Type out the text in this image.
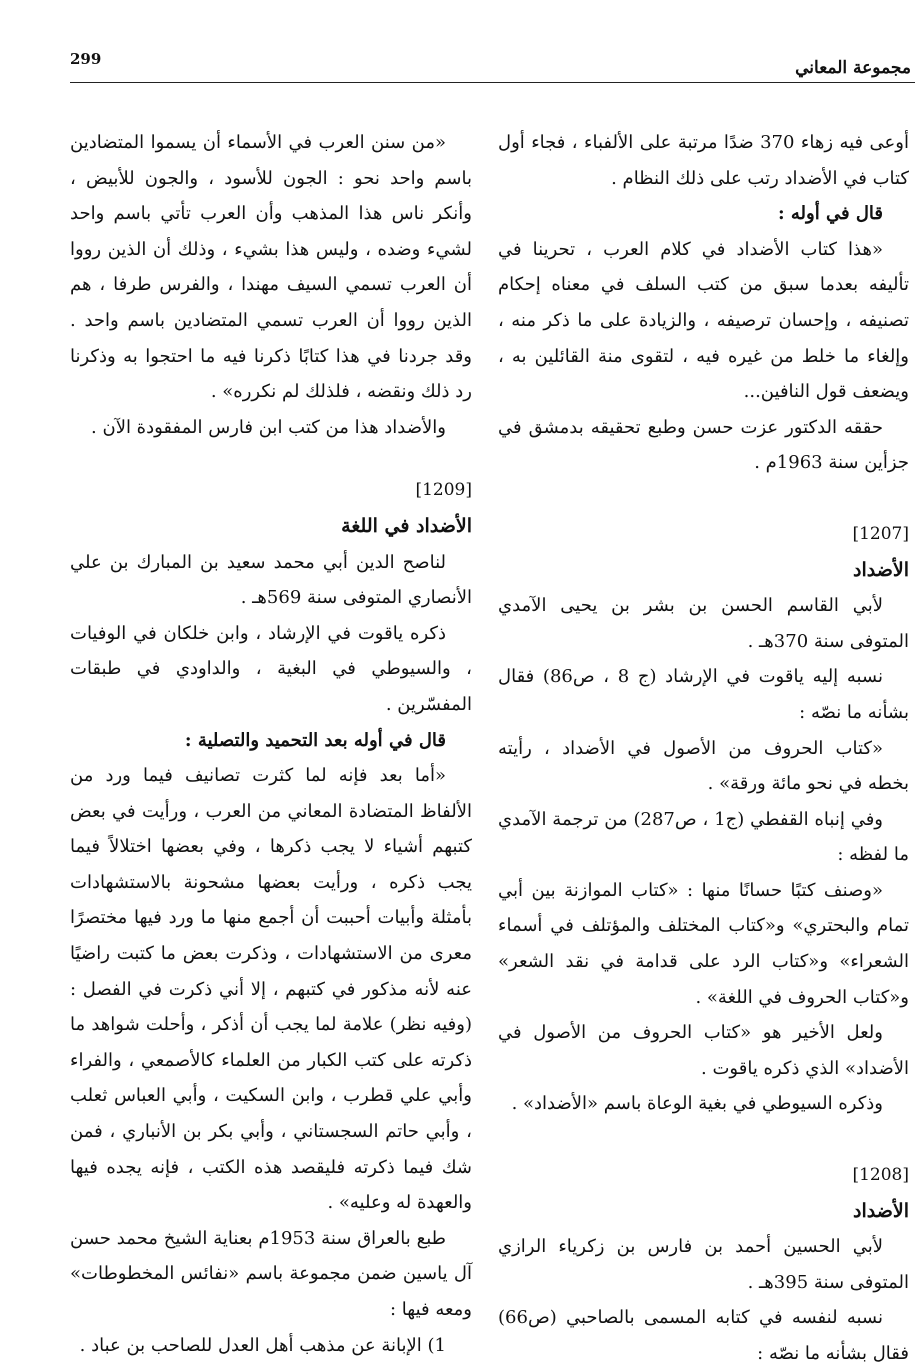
299	مجموعة المعاني

أوعى فيه زهاء 370 ضدًا مرتبة على الألفباء ، فجاء أول كتاب في الأضداد رتب على ذلك النظام .

قال في أوله :

«هذا كتاب الأضداد في كلام العرب ، تحرينا في تأليفه بعدما سبق من كتب السلف في معناه إحكام تصنيفه ، وإحسان ترصيفه ، والزيادة على ما ذكر منه ، وإلغاء ما خلط من غيره فيه ، لتقوى منة القائلين به ، ويضعف قول النافين...

حققه الدكتور عزت حسن وطبع تحقيقه بدمشق في جزأين سنة 1963م .

[1207]

الأضداد

لأبي القاسم الحسن بن بشر بن يحيى الآمدي المتوفى سنة 370هـ .

نسبه إليه ياقوت في الإرشاد (ج 8 ، ص86) فقال بشأنه ما نصّه :

«كتاب الحروف من الأصول في الأضداد ، رأيته بخطه في نحو مائة ورقة» .

وفي إنباه القفطي (ج1 ، ص287) من ترجمة الآمدي ما لفظه :

«وصنف كتبًا حسانًا منها : «كتاب الموازنة بين أبي تمام والبحتري» و«كتاب المختلف والمؤتلف في أسماء الشعراء» و«كتاب الرد على قدامة في نقد الشعر» و«كتاب الحروف في اللغة» .

ولعل الأخير هو «كتاب الحروف من الأصول في الأضداد» الذي ذكره ياقوت .

وذكره السيوطي في بغية الوعاة باسم «الأضداد» .

[1208]

الأضداد

لأبي الحسين أحمد بن فارس بن زكرياء الرازي المتوفى سنة 395هـ .

نسبه لنفسه في كتابه المسمى بالصاحبي (ص66) فقال بشأنه ما نصّه :

«من سنن العرب في الأسماء أن يسموا المتضادين باسم واحد نحو : الجون للأسود ، والجون للأبيض ، وأنكر ناس هذا المذهب وأن العرب تأتي باسم واحد لشيء وضده ، وليس هذا بشيء ، وذلك أن الذين رووا أن العرب تسمي السيف مهندا ، والفرس طرفا ، هم الذين رووا أن العرب تسمي المتضادين باسم واحد . وقد جردنا في هذا كتابًا ذكرنا فيه ما احتجوا به وذكرنا رد ذلك ونقضه ، فلذلك لم نكرره» .

والأضداد هذا من كتب ابن فارس المفقودة الآن .

[1209]

الأضداد في اللغة

لناصح الدين أبي محمد سعيد بن المبارك بن علي الأنصاري المتوفى سنة 569هـ .

ذكره ياقوت في الإرشاد ، وابن خلكان في الوفيات ، والسيوطي في البغية ، والداودي في طبقات المفسّرين .

قال في أوله بعد التحميد والتصلية :

«أما بعد فإنه لما كثرت تصانيف فيما ورد من الألفاظ المتضادة المعاني من العرب ، ورأيت في بعض كتبهم أشياء لا يجب ذكرها ، وفي بعضها اختلالاً فيما يجب ذكره ، ورأيت بعضها مشحونة بالاستشهادات بأمثلة وأبيات أحببت أن أجمع منها ما ورد فيها مختصرًا معرى من الاستشهادات ، وذكرت بعض ما كتبت راضيًا عنه لأنه مذكور في كتبهم ، إلا أني ذكرت في الفصل : (وفيه نظر) علامة لما يجب أن أذكر ، وأحلت شواهد ما ذكرته على كتب الكبار من العلماء كالأصمعي ، والفراء وأبي علي قطرب ، وابن السكيت ، وأبي العباس ثعلب ، وأبي حاتم السجستاني ، وأبي بكر بن الأنباري ، فمن شك فيما ذكرته فليقصد هذه الكتب ، فإنه يجده فيها والعهدة له وعليه» .

طبع بالعراق سنة 1953م بعناية الشيخ محمد حسن آل ياسين ضمن مجموعة باسم «نفائس المخطوطات» ومعه فيها :

1) الإبانة عن مذهب أهل العدل للصاحب بن عباد .
